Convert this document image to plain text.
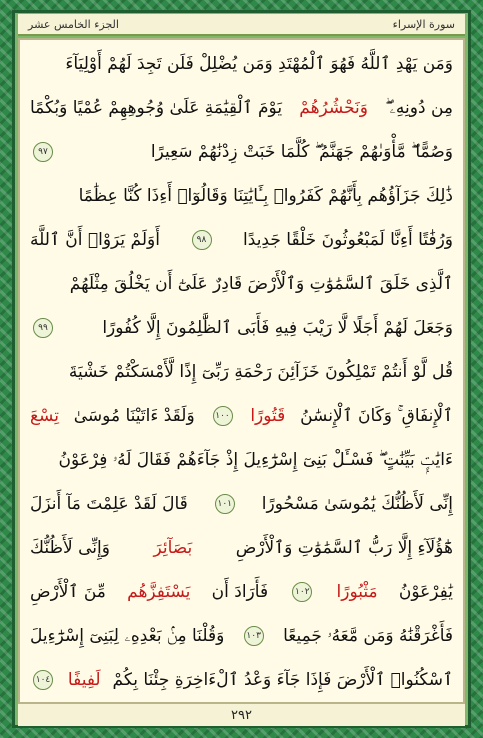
الجزء الخامس عشر	سورة الإسراء
وَمَن يَهْدِ ٱللَّهُ فَهُوَ ٱلْمُهْتَدِ وَمَن يُضْلِلْ فَلَن تَجِدَ لَهُمْ أَوْلِيَآءَ
مِن دُونِهِۦ ۖ
وَنَحْشُرُهُمْ
يَوْمَ ٱلْقِيَٰمَةِ عَلَىٰ وُجُوهِهِمْ عُمْيًا وَبُكْمًا
وَصُمًّا ۖ مَّأْوَىٰهُمْ جَهَنَّمُ ۖ كُلَّمَا خَبَتْ زِدْنَٰهُمْ سَعِيرًا
٩٧
ذَٰلِكَ جَزَآؤُهُم بِأَنَّهُمْ كَفَرُوا۟ بِـَٔايَٰتِنَا وَقَالُوٓا۟ أَءِذَا كُنَّا عِظَٰمًا
وَرُفَٰتًا أَءِنَّا لَمَبْعُوثُونَ خَلْقًا جَدِيدًا
٩٨
أَوَلَمْ يَرَوْا۟ أَنَّ ٱللَّهَ
ٱلَّذِى خَلَقَ ٱلسَّمَٰوَٰتِ وَٱلْأَرْضَ قَادِرٌ عَلَىٰٓ أَن يَخْلُقَ مِثْلَهُمْ
وَجَعَلَ لَهُمْ أَجَلًا لَّا رَيْبَ فِيهِ فَأَبَى ٱلظَّٰلِمُونَ إِلَّا كُفُورًا
٩٩
قُل لَّوْ أَنتُمْ تَمْلِكُونَ خَزَآئِنَ رَحْمَةِ رَبِّىٓ إِذًا لَّأَمْسَكْتُمْ خَشْيَةَ
ٱلْإِنفَاقِ ۚ وَكَانَ ٱلْإِنسَٰنُ
قَتُورًا
١٠٠
وَلَقَدْ ءَاتَيْنَا مُوسَىٰ
تِسْعَ
ءَايَٰتٍۭ بَيِّنَٰتٍ ۖ فَسْـَٔلْ بَنِىٓ إِسْرَٰٓءِيلَ إِذْ جَآءَهُمْ فَقَالَ لَهُۥ فِرْعَوْنُ
إِنِّى لَأَظُنُّكَ يَٰمُوسَىٰ مَسْحُورًا
١٠١
قَالَ لَقَدْ عَلِمْتَ مَآ أَنزَلَ
هَٰٓؤُلَآءِ إِلَّا رَبُّ ٱلسَّمَٰوَٰتِ وَٱلْأَرْضِ
بَصَآئِرَ
وَإِنِّى لَأَظُنُّكَ
يَٰفِرْعَوْنُ
مَثْبُورًا
١٠٢
فَأَرَادَ أَن
يَسْتَفِزَّهُم
مِّنَ ٱلْأَرْضِ
فَأَغْرَقْنَٰهُ وَمَن مَّعَهُۥ جَمِيعًا
١٠٣
وَقُلْنَا مِنۢ بَعْدِهِۦ لِبَنِىٓ إِسْرَٰٓءِيلَ
ٱسْكُنُوا۟ ٱلْأَرْضَ فَإِذَا جَآءَ وَعْدُ ٱلْءَاخِرَةِ جِئْنَا بِكُمْ
لَفِيفًا
١٠٤
٢٩٢
